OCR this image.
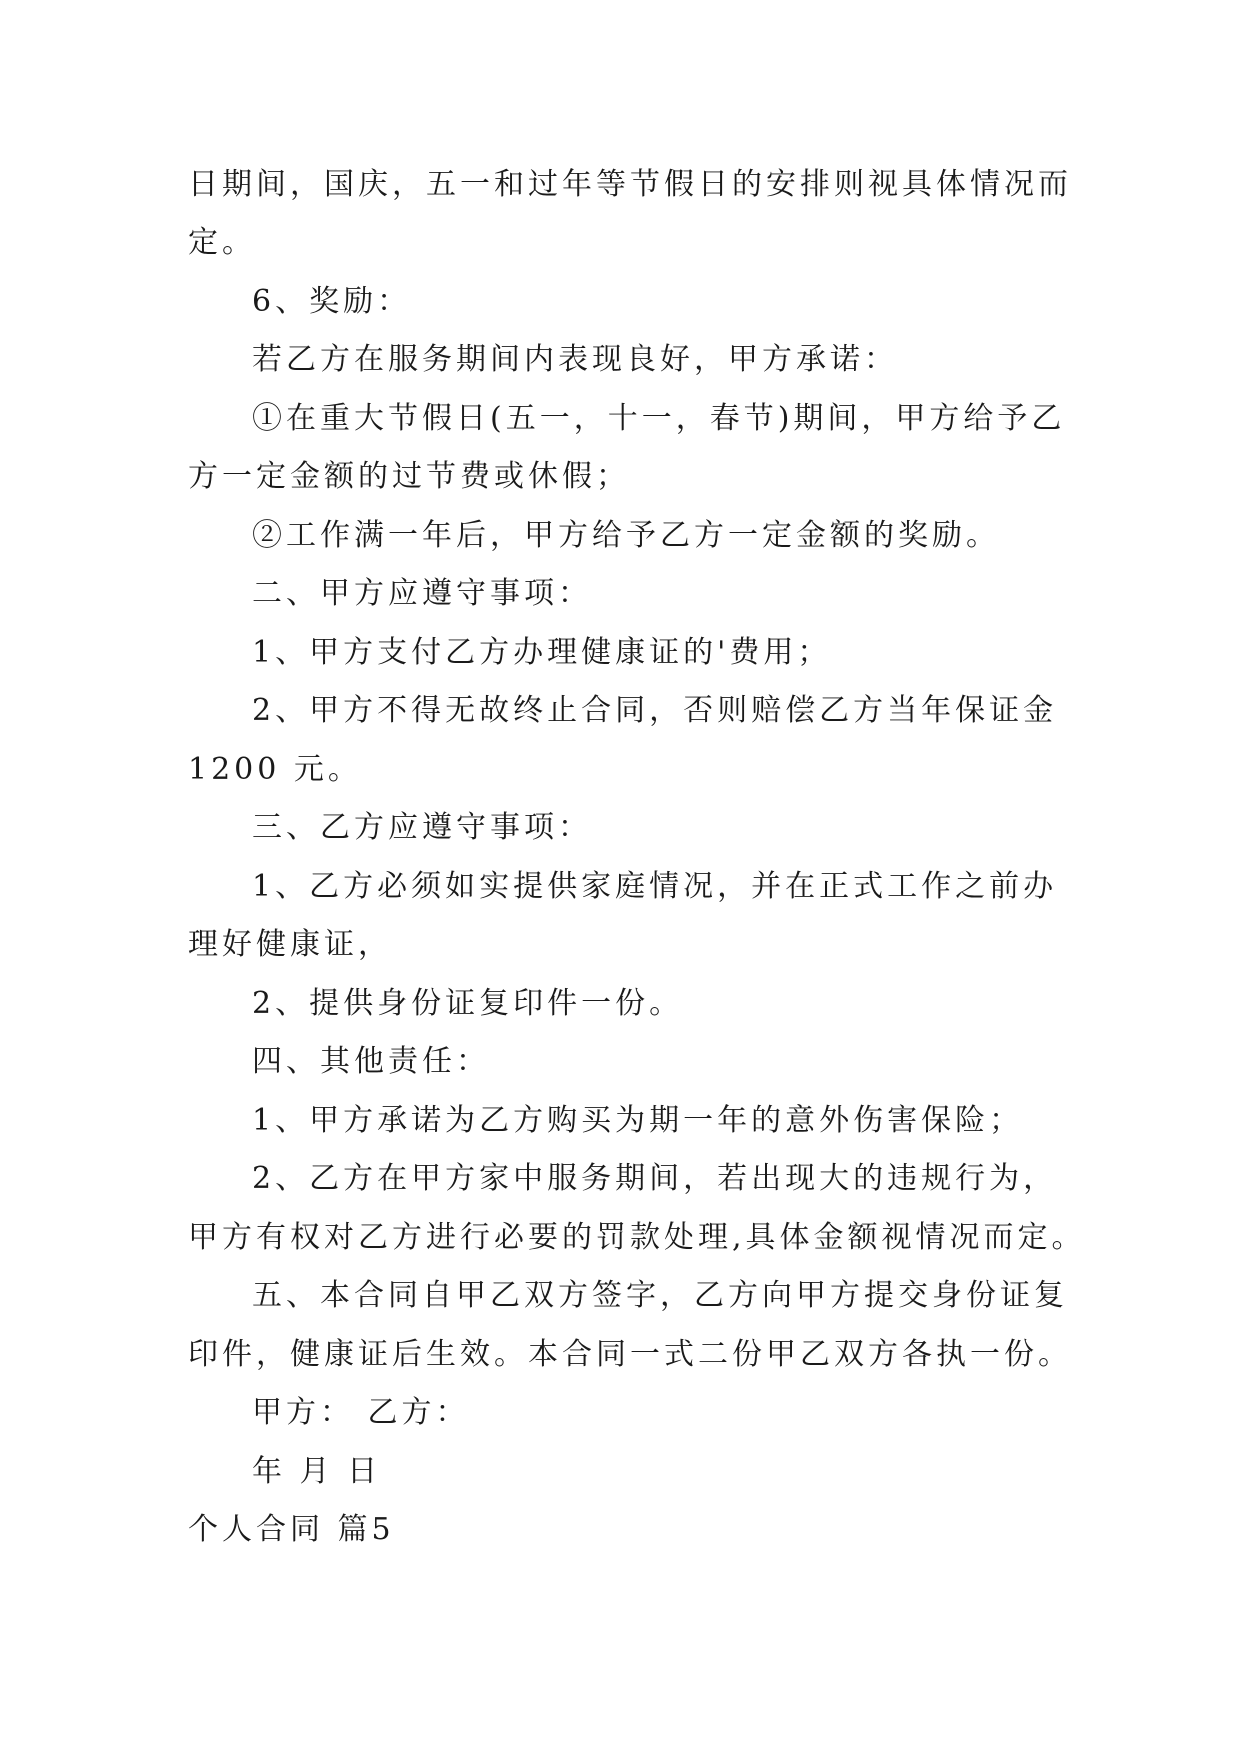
日期间，国庆，五一和过年等节假日的安排则视具体情况而

定。

6、奖励：

若乙方在服务期间内表现良好，甲方承诺：

①在重大节假日(五一，十一，春节)期间，甲方给予乙

方一定金额的过节费或休假；

②工作满一年后，甲方给予乙方一定金额的奖励。

二、甲方应遵守事项：

1、甲方支付乙方办理健康证的'费用；

2、甲方不得无故终止合同，否则赔偿乙方当年保证金

1200 元。

三、乙方应遵守事项：

1、乙方必须如实提供家庭情况，并在正式工作之前办

理好健康证，

2、提供身份证复印件一份。

四、其他责任：

1、甲方承诺为乙方购买为期一年的意外伤害保险；

2、乙方在甲方家中服务期间，若出现大的违规行为，

甲方有权对乙方进行必要的罚款处理,具体金额视情况而定。

五、本合同自甲乙双方签字，乙方向甲方提交身份证复

印件，健康证后生效。本合同一式二份甲乙双方各执一份。

甲方： 乙方：

年 月 日

个人合同 篇5
